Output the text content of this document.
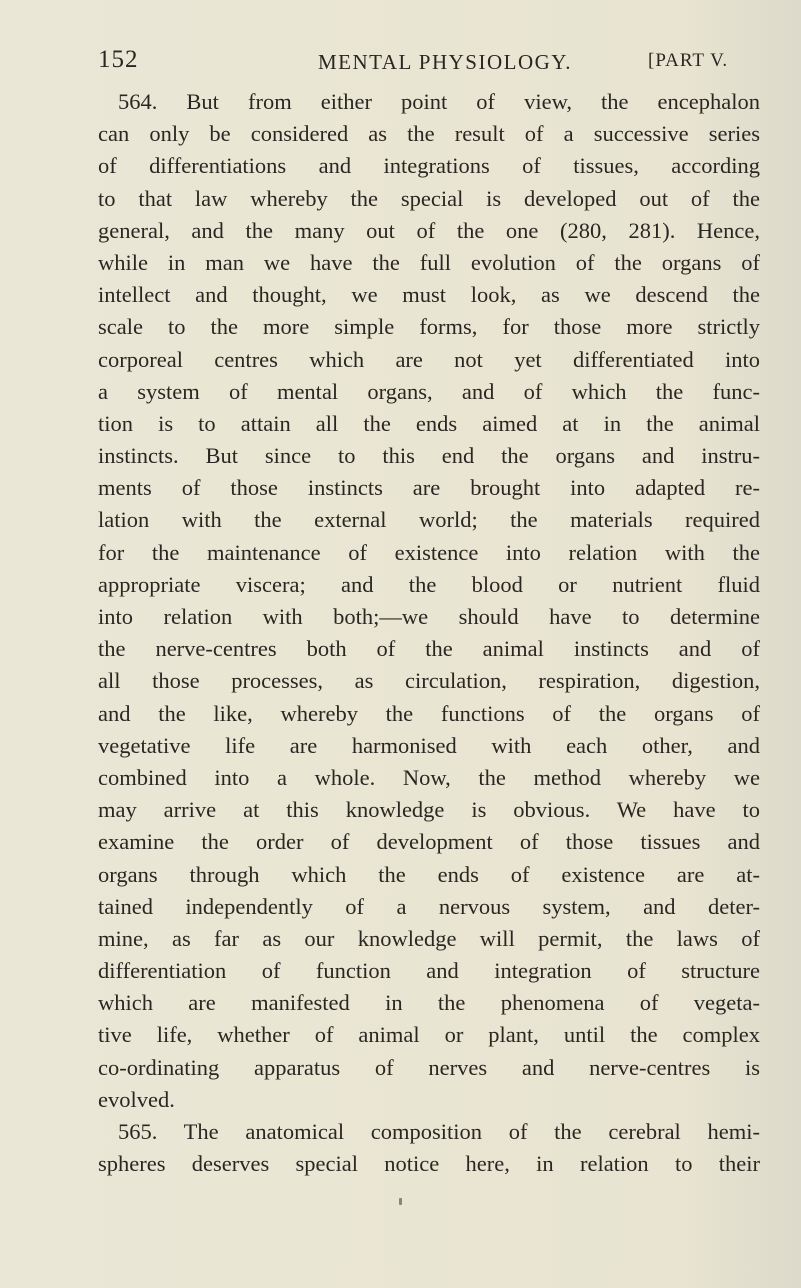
152	MENTAL PHYSIOLOGY.	[PART V.
564. But from either point of view, the encephalon
can only be considered as the result of a successive series
of differentiations and integrations of tissues, according
to that law whereby the special is developed out of the
general, and the many out of the one (280, 281). Hence,
while in man we have the full evolution of the organs of
intellect and thought, we must look, as we descend the
scale to the more simple forms, for those more strictly
corporeal centres which are not yet differentiated into
a system of mental organs, and of which the func-
tion is to attain all the ends aimed at in the animal
instincts. But since to this end the organs and instru-
ments of those instincts are brought into adapted re-
lation with the external world; the materials required
for the maintenance of existence into relation with the
appropriate viscera; and the blood or nutrient fluid
into relation with both;—we should have to determine
the nerve-centres both of the animal instincts and of
all those processes, as circulation, respiration, digestion,
and the like, whereby the functions of the organs of
vegetative life are harmonised with each other, and
combined into a whole. Now, the method whereby we
may arrive at this knowledge is obvious. We have to
examine the order of development of those tissues and
organs through which the ends of existence are at-
tained independently of a nervous system, and deter-
mine, as far as our knowledge will permit, the laws of
differentiation of function and integration of structure
which are manifested in the phenomena of vegeta-
tive life, whether of animal or plant, until the complex
co-ordinating apparatus of nerves and nerve-centres is
evolved.
565. The anatomical composition of the cerebral hemi-
spheres deserves special notice here, in relation to their
